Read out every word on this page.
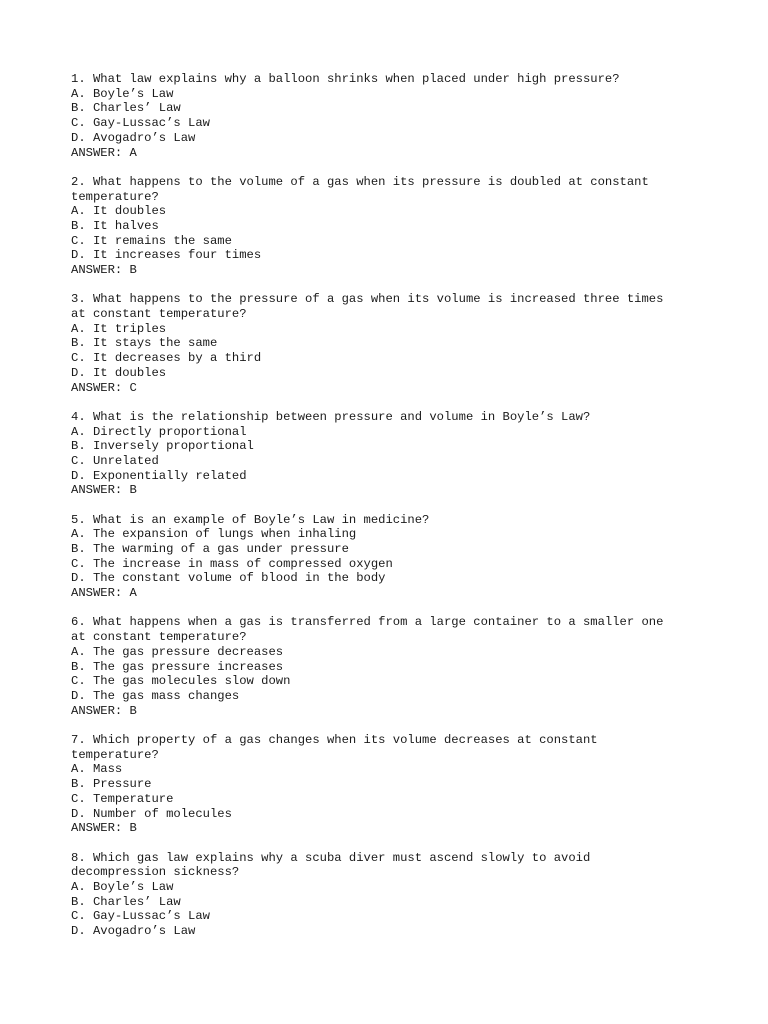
1. What law explains why a balloon shrinks when placed under high pressure?
A. Boyle’s Law
B. Charles’ Law
C. Gay-Lussac’s Law
D. Avogadro’s Law
ANSWER: A
2. What happens to the volume of a gas when its pressure is doubled at constant
temperature?
A. It doubles
B. It halves
C. It remains the same
D. It increases four times
ANSWER: B
3. What happens to the pressure of a gas when its volume is increased three times
at constant temperature?
A. It triples
B. It stays the same
C. It decreases by a third
D. It doubles
ANSWER: C
4. What is the relationship between pressure and volume in Boyle’s Law?
A. Directly proportional
B. Inversely proportional
C. Unrelated
D. Exponentially related
ANSWER: B
5. What is an example of Boyle’s Law in medicine?
A. The expansion of lungs when inhaling
B. The warming of a gas under pressure
C. The increase in mass of compressed oxygen
D. The constant volume of blood in the body
ANSWER: A
6. What happens when a gas is transferred from a large container to a smaller one
at constant temperature?
A. The gas pressure decreases
B. The gas pressure increases
C. The gas molecules slow down
D. The gas mass changes
ANSWER: B
7. Which property of a gas changes when its volume decreases at constant
temperature?
A. Mass
B. Pressure
C. Temperature
D. Number of molecules
ANSWER: B
8. Which gas law explains why a scuba diver must ascend slowly to avoid
decompression sickness?
A. Boyle’s Law
B. Charles’ Law
C. Gay-Lussac’s Law
D. Avogadro’s Law
